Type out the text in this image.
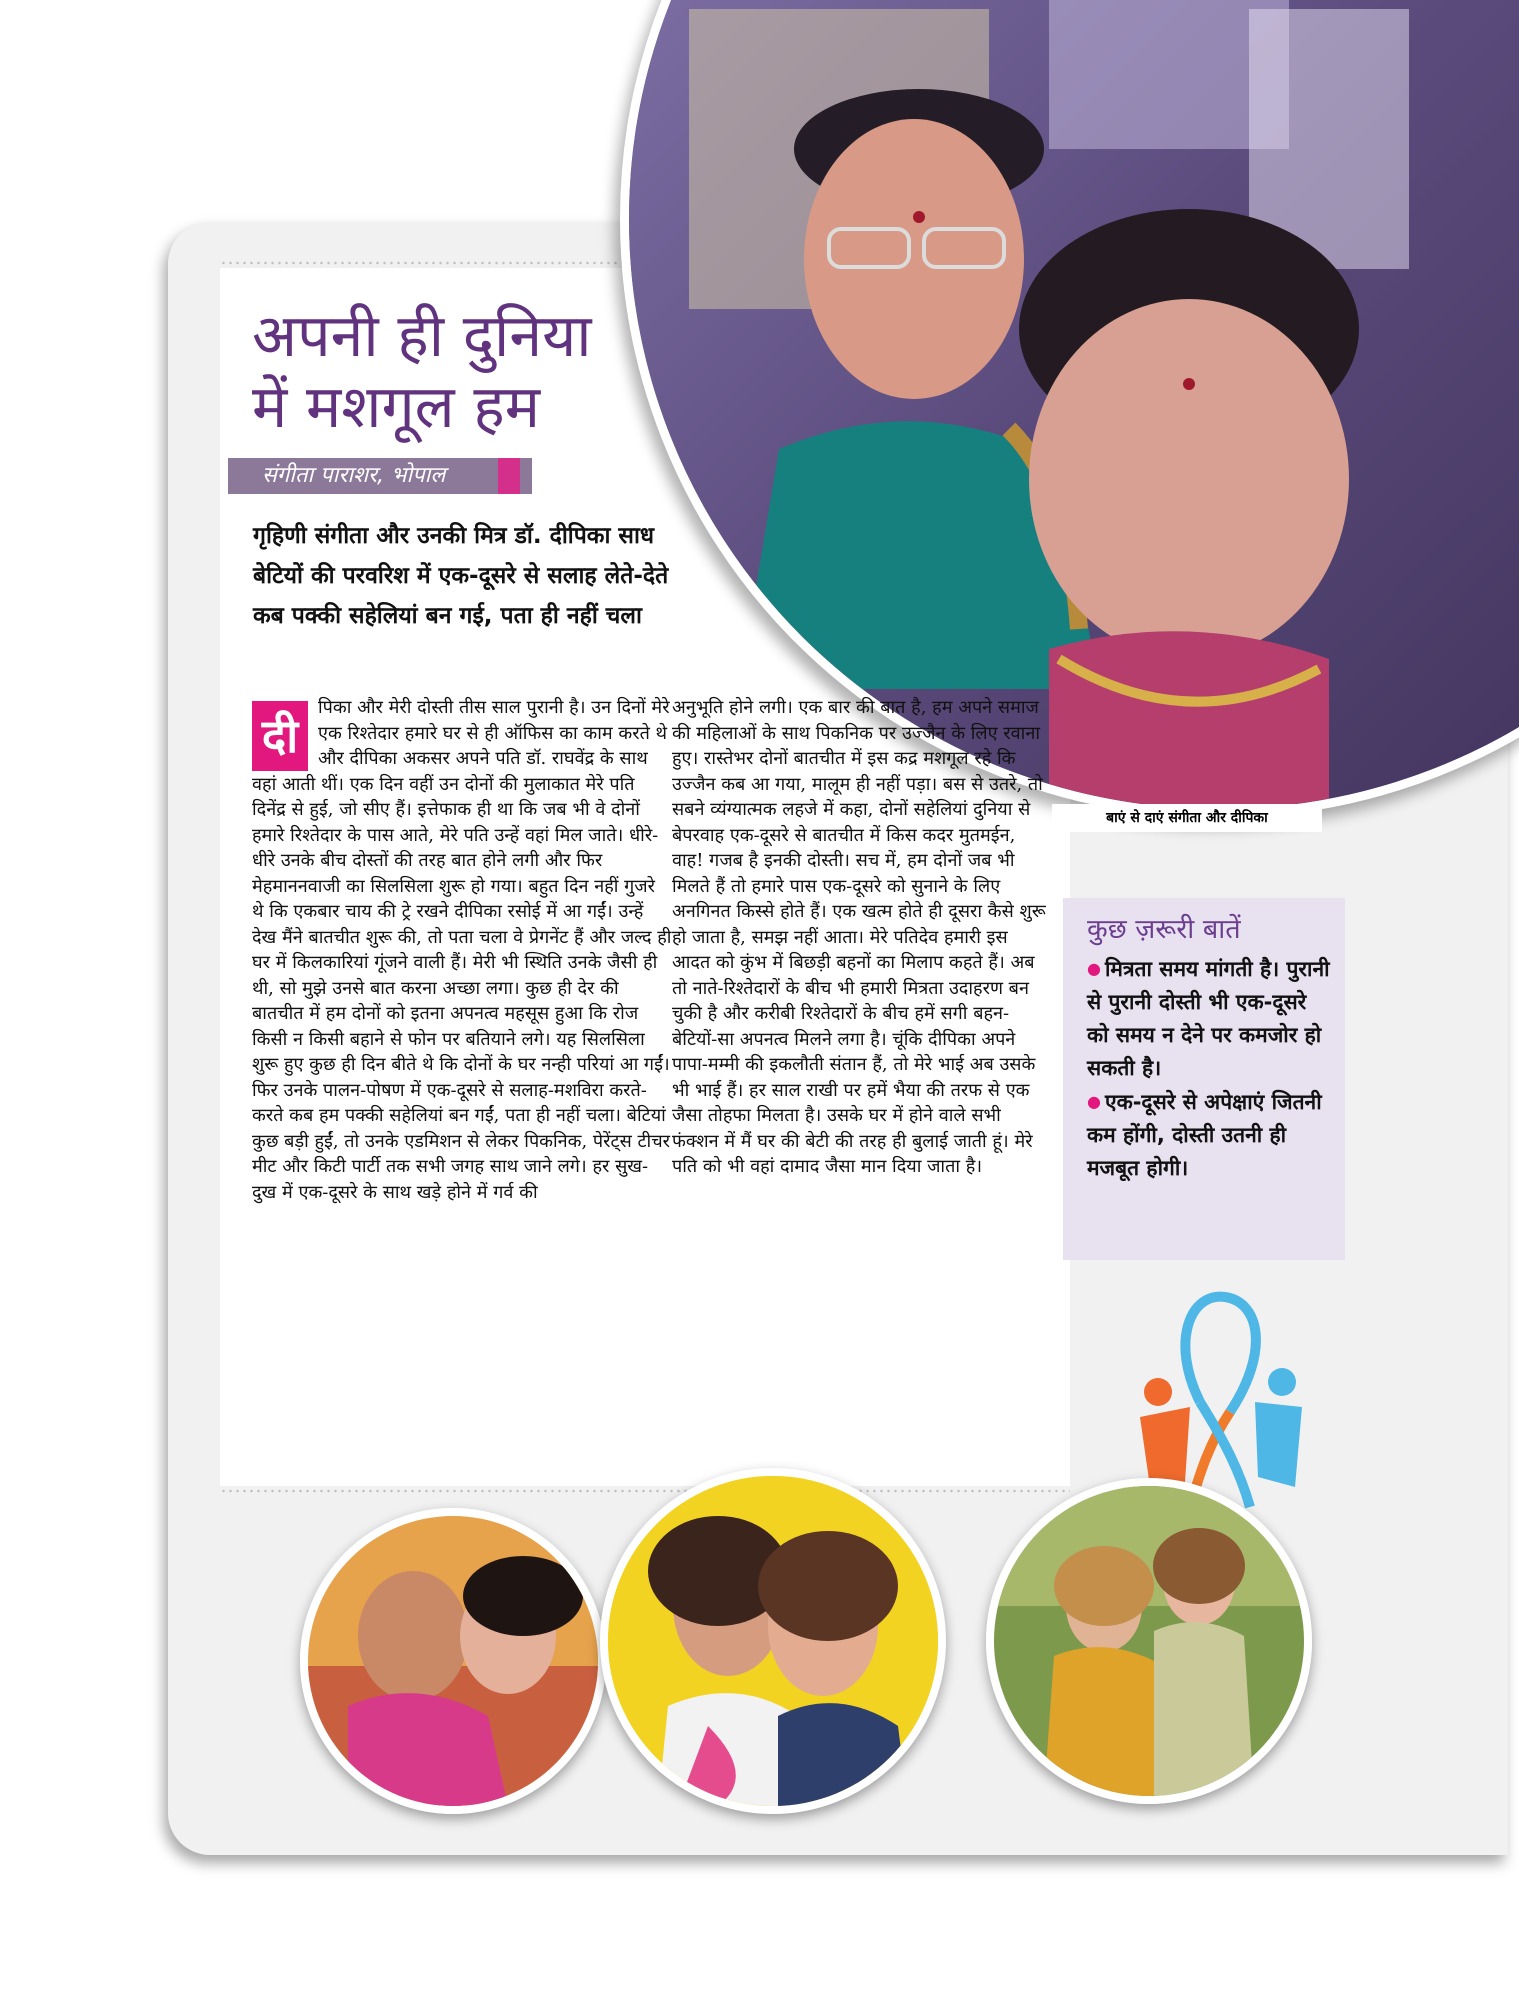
बाएं से दाएं संगीता और दीपिका
अपनी ही दुनिया
में मशगूल हम
संगीता पाराशर, भोपाल

गृहिणी संगीता और उनकी मित्र डॉ. दीपिका साध बेटियों की परवरिश में एक-दूसरे से सलाह लेते-देते कब पक्की सहेलियां बन गई, पता ही नहीं चला

दी
पिका और मेरी दोस्ती तीस साल पुरानी है। उन दिनों मेरे एक रिश्तेदार हमारे घर से ही ऑफिस का काम करते थे और दीपिका अकसर अपने पति डॉ. राघवेंद्र के साथ वहां आती थीं। एक दिन वहीं उन दोनों की मुलाकात मेरे पति दिनेंद्र से हुई, जो सीए हैं। इत्तेफाक ही था कि जब भी वे दोनों हमारे रिश्तेदार के पास आते, मेरे पति उन्हें वहां मिल जाते। धीरे-धीरे उनके बीच दोस्तों की तरह बात होने लगी और फिर मेहमाननवाजी का सिलसिला शुरू हो गया। बहुत दिन नहीं गुजरे थे कि एकबार चाय की ट्रे रखने दीपिका रसोई में आ गईं। उन्हें देख मैंने बातचीत शुरू की, तो पता चला वे प्रेगनेंट हैं और जल्द ही घर में किलकारियां गूंजने वाली हैं। मेरी भी स्थिति उनके जैसी ही थी, सो मुझे उनसे बात करना अच्छा लगा। कुछ ही देर की बातचीत में हम दोनों को इतना अपनत्व महसूस हुआ कि रोज किसी न किसी बहाने से फोन पर बतियाने लगे। यह सिलसिला शुरू हुए कुछ ही दिन बीते थे कि दोनों के घर नन्ही परियां आ गईं। फिर उनके पालन-पोषण में एक-दूसरे से सलाह-मशविरा करते-करते कब हम पक्की सहेलियां बन गईं, पता ही नहीं चला। बेटियां कुछ बड़ी हुईं, तो उनके एडमिशन से लेकर पिकनिक, पेरेंट्स टीचर मीट और किटी पार्टी तक सभी जगह साथ जाने लगे। हर सुख-दुख में एक-दूसरे के साथ खड़े होने में गर्व की

अनुभूति होने लगी। एक बार की बात है, हम अपने समाज की महिलाओं के साथ पिकनिक पर उज्जैन के लिए रवाना हुए। रास्तेभर दोनों बातचीत में इस कद्र मशगूल रहे कि उज्जैन कब आ गया, मालूम ही नहीं पड़ा। बस से उतरे, तो सबने व्यंग्यात्मक लहजे में कहा, दोनों सहेलियां दुनिया से बेपरवाह एक-दूसरे से बातचीत में किस कदर मुतमईन, वाह! गजब है इनकी दोस्ती। सच में, हम दोनों जब भी मिलते हैं तो हमारे पास एक-दूसरे को सुनाने के लिए अनगिनत किस्से होते हैं। एक खत्म होते ही दूसरा कैसे शुरू हो जाता है, समझ नहीं आता। मेरे पतिदेव हमारी इस आदत को कुंभ में बिछड़ी बहनों का मिलाप कहते हैं। अब तो नाते-रिश्तेदारों के बीच भी हमारी मित्रता उदाहरण बन चुकी है और करीबी रिश्तेदारों के बीच हमें सगी बहन-बेटियों-सा अपनत्व मिलने लगा है। चूंकि दीपिका अपने पापा-मम्मी की इकलौती संतान हैं, तो मेरे भाई अब उसके भी भाई हैं। हर साल राखी पर हमें भैया की तरफ से एक जैसा तोहफा मिलता है। उसके घर में होने वाले सभी फंक्शन में मैं घर की बेटी की तरह ही बुलाई जाती हूं। मेरे पति को भी वहां दामाद जैसा मान दिया जाता है।

कुछ ज़रूरी बातें

● मित्रता समय मांगती है। पुरानी से पुरानी दोस्ती भी एक-दूसरे को समय न देने पर कमजोर हो सकती है।

● एक-दूसरे से अपेक्षाएं जितनी कम होंगी, दोस्ती उतनी ही मजबूत होगी।
